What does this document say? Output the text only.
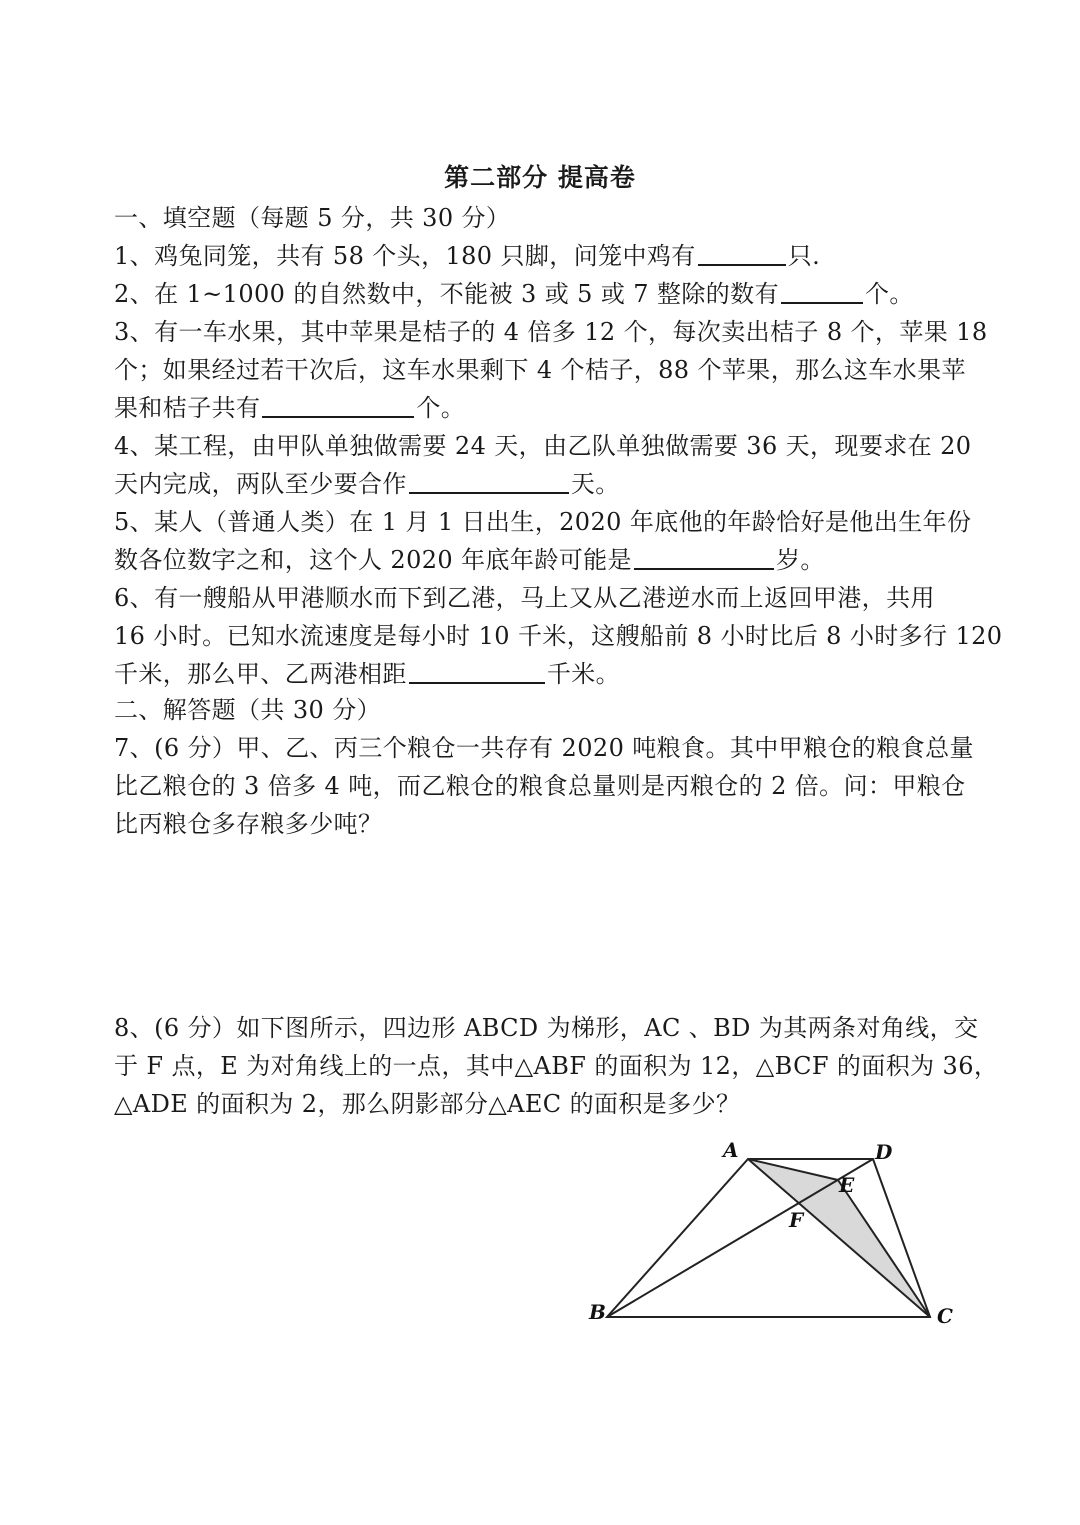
第二部分 提高卷
一、填空题（每题 5 分，共 30 分）
1、鸡兔同笼，共有 58 个头，180 只脚，问笼中鸡有	只.
2、在 1~1000 的自然数中，不能被 3 或 5 或 7 整除的数有	个。
3、有一车水果，其中苹果是桔子的 4 倍多 12 个，每次卖出桔子 8 个，苹果 18
个；如果经过若干次后，这车水果剩下 4 个桔子，88 个苹果，那么这车水果苹
果和桔子共有	个。
4、某工程，由甲队单独做需要 24 天，由乙队单独做需要 36 天，现要求在 20
天内完成，两队至少要合作	天。
5、某人（普通人类）在 1 月 1 日出生，2020 年底他的年龄恰好是他出生年份
数各位数字之和，这个人 2020 年底年龄可能是	岁。
6、有一艘船从甲港顺水而下到乙港，马上又从乙港逆水而上返回甲港，共用
16 小时。已知水流速度是每小时 10 千米，这艘船前 8 小时比后 8 小时多行 120
千米，那么甲、乙两港相距	千米。
二、解答题（共 30 分）
7、(6 分）甲、乙、丙三个粮仓一共存有 2020 吨粮食。其中甲粮仓的粮食总量
比乙粮仓的 3 倍多 4 吨，而乙粮仓的粮食总量则是丙粮仓的 2 倍。问：甲粮仓
比丙粮仓多存粮多少吨？
8、(6 分）如下图所示，四边形 ABCD 为梯形，AC 、BD 为其两条对角线，交
于 F 点，E 为对角线上的一点，其中△ABF 的面积为 12，△BCF 的面积为 36，
△ADE 的面积为 2，那么阴影部分△AEC 的面积是多少？
A	D
E
F
B	C
